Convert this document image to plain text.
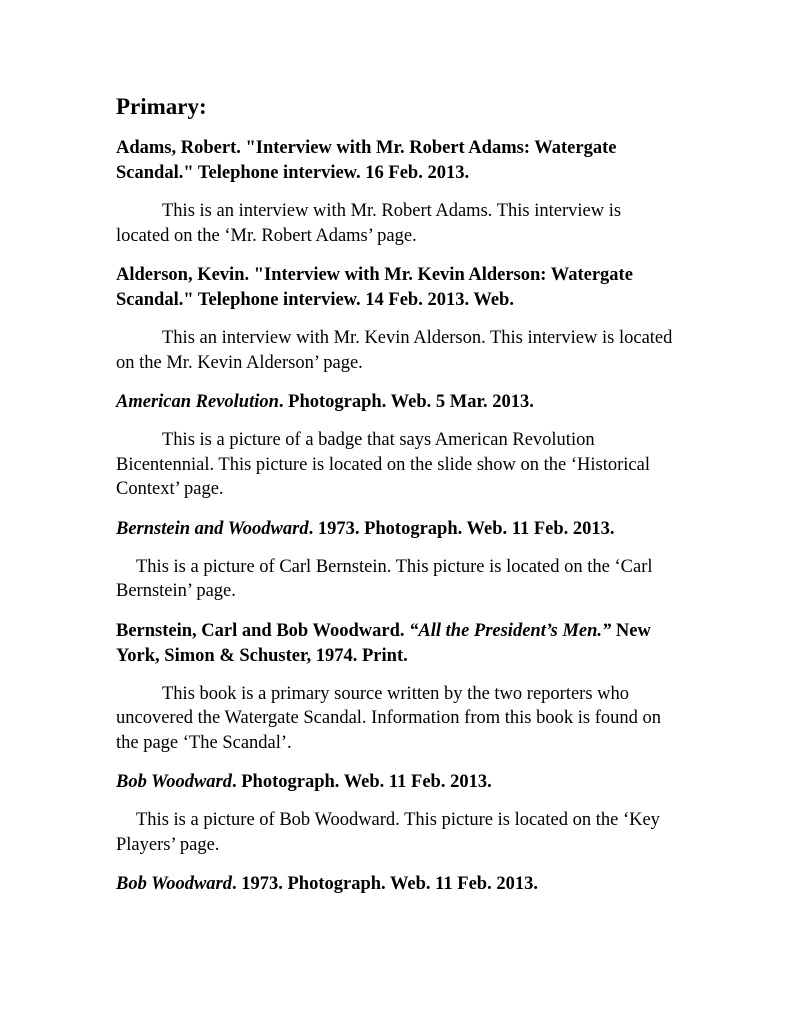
Primary:

Adams, Robert. "Interview with Mr. Robert Adams: Watergate Scandal." Telephone interview. 16 Feb. 2013.

This is an interview with Mr. Robert Adams. This interview is located on the ‘Mr. Robert Adams’ page.

Alderson, Kevin. "Interview with Mr. Kevin Alderson: Watergate Scandal." Telephone interview. 14 Feb. 2013. Web.

This an interview with Mr. Kevin Alderson. This interview is located on the Mr. Kevin Alderson’ page.

American Revolution. Photograph. Web. 5 Mar. 2013.

This is a picture of a badge that says American Revolution Bicentennial. This picture is located on the slide show on the ‘Historical Context’ page.

Bernstein and Woodward. 1973. Photograph. Web. 11 Feb. 2013.

This is a picture of Carl Bernstein. This picture is located on the ‘Carl Bernstein’ page.

Bernstein, Carl and Bob Woodward. “All the President’s Men.” New York, Simon & Schuster, 1974. Print.

This book is a primary source written by the two reporters who uncovered the Watergate Scandal. Information from this book is found on the page ‘The Scandal’.

Bob Woodward. Photograph. Web. 11 Feb. 2013.

This is a picture of Bob Woodward. This picture is located on the ‘Key Players’ page.

Bob Woodward. 1973. Photograph. Web. 11 Feb. 2013.
